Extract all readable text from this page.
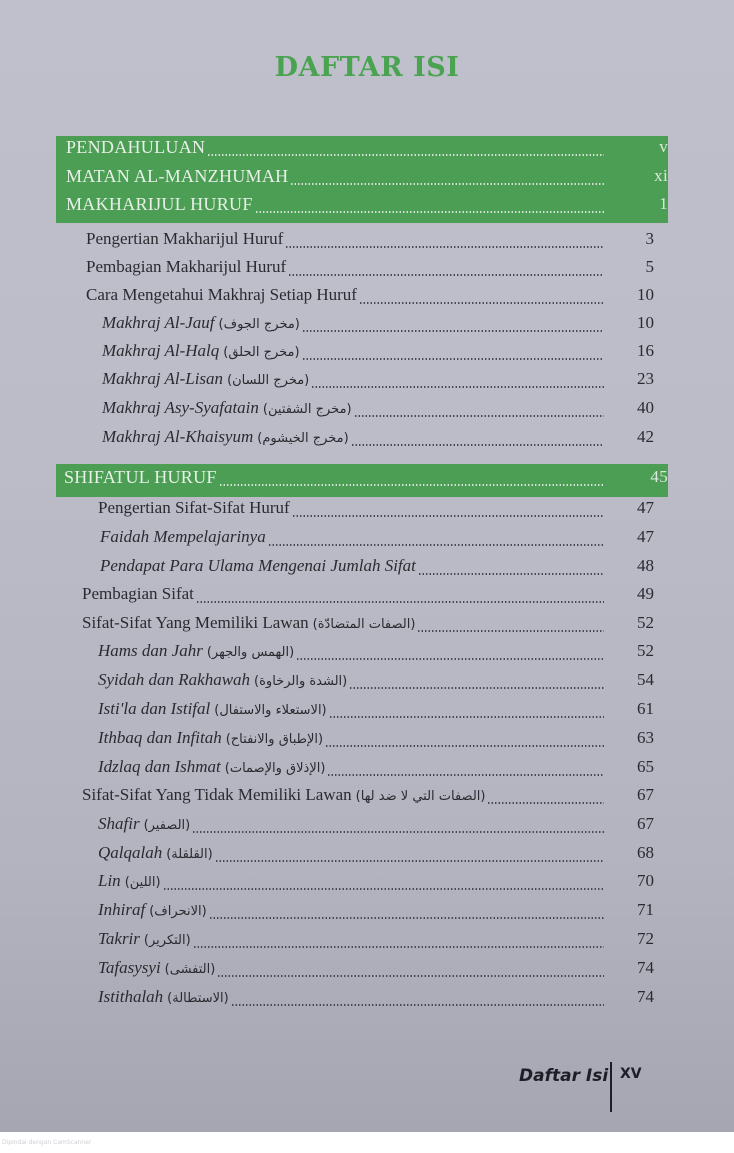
DAFTAR ISI
PENDAHULUAN	v
MATAN AL-MANZHUMAH	xi
MAKHARIJUL HURUF	1
Pengertian Makharijul Huruf	3
Pembagian Makharijul Huruf	5
Cara Mengetahui Makhraj Setiap Huruf	10
Makhraj Al-Jauf (مخرج الجوف)	10
Makhraj Al-Halq (مخرج الحلق)	16
Makhraj Al-Lisan (مخرج اللسان)	23
Makhraj Asy-Syafatain (مخرج الشفتين)	40
Makhraj Al-Khaisyum (مخرج الخيشوم)	42
SHIFATUL HURUF	45
Pengertian Sifat-Sifat Huruf	47
Faidah Mempelajarinya	47
Pendapat Para Ulama Mengenai Jumlah Sifat	48
Pembagian Sifat	49
Sifat-Sifat Yang Memiliki Lawan (الصفات المتضادّة)	52
Hams dan Jahr (الهمس والجهر)	52
Syidah dan Rakhawah (الشدة والرخاوة)	54
Isti'la dan Istifal (الاستعلاء والاستفال)	61
Ithbaq dan Infitah (الإطباق والانفتاح)	63
Idzlaq dan Ishmat (الإذلاق والإصمات)	65
Sifat-Sifat Yang Tidak Memiliki Lawan (الصفات التي لا ضد لها)	67
Shafir (الصفير)	67
Qalqalah (القلقلة)	68
Lin (اللين)	70
Inhiraf (الانحراف)	71
Takrir (التكرير)	72
Tafasysyi (التفشى)	74
Istithalah (الاستطالة)	74
Daftar Isi XV
Dipindai dengan CamScanner
